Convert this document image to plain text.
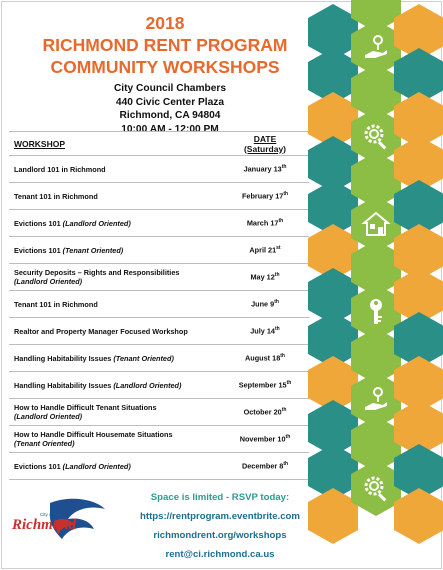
2018
RICHMOND RENT PROGRAM
COMMUNITY WORKSHOPS
City Council Chambers
440 Civic Center Plaza
Richmond, CA 94804
10:00 AM - 12:00 PM
WORKSHOP	DATE
(Saturday)

Landlord 101 in Richmond	January 13th
Tenant 101 in Richmond	February 17th
Evictions 101 (Landlord Oriented)	March 17th
Evictions 101 (Tenant Oriented)	April 21st
Security Deposits – Rights and Responsibilities
(Landlord Oriented)	May 12th
Tenant 101 in Richmond	June 9th
Realtor and Property Manager Focused Workshop	July 14th
Handling Habitability Issues (Tenant Oriented)	August 18th
Handling Habitability Issues (Landlord Oriented)	September 15th
How to Handle Difficult Tenant Situations
(Landlord Oriented)	October 20th
How to Handle Difficult Housemate Situations
(Tenant Oriented)	November 10th
Evictions 101 (Landlord Oriented)	December 8th
Richmond
City of
Space is limited - RSVP today:
https://rentprogram.eventbrite.com
richmondrent.org/workshops
rent@ci.richmond.ca.us
